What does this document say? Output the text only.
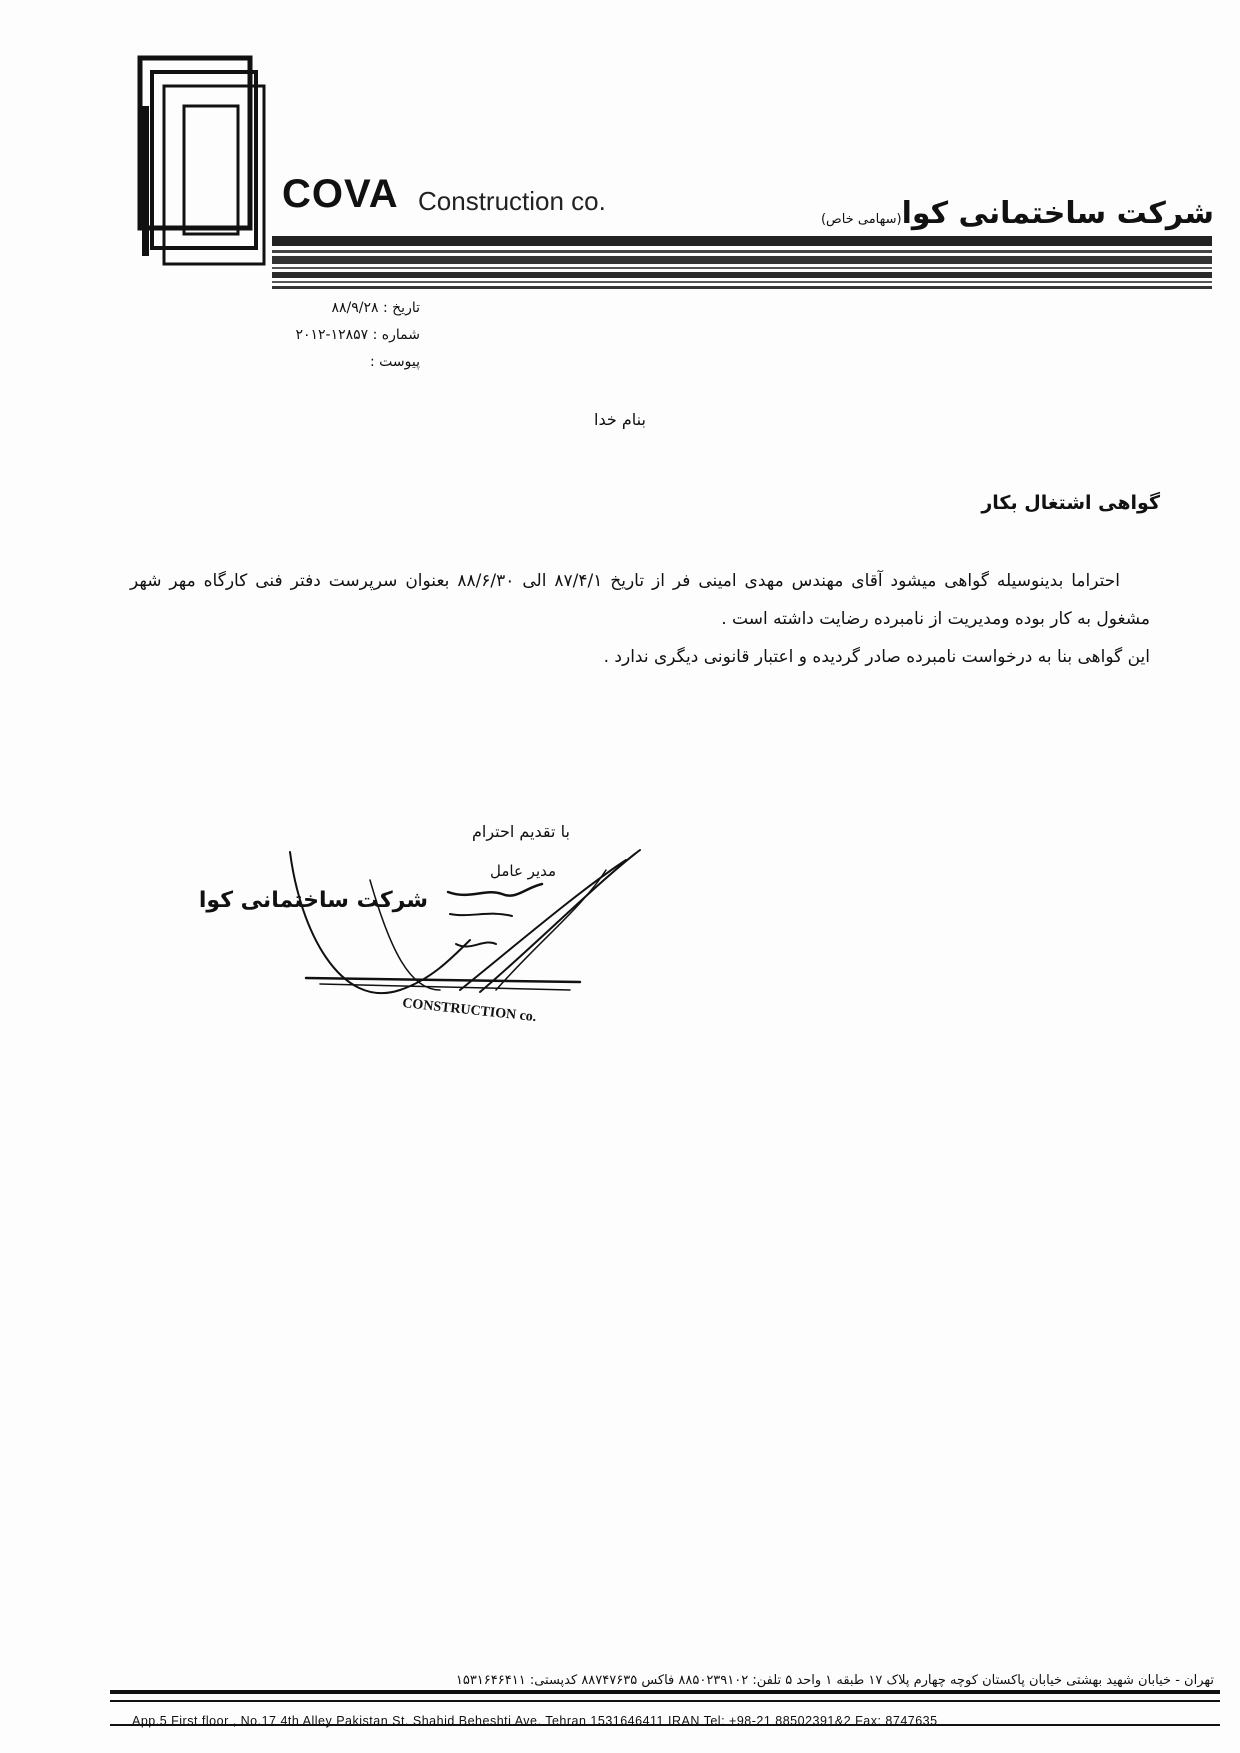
COVA Construction co.	شرکت ساختمانی کوا(سهامی خاص)
تاریخ : ۸۸/۹/۲۸
شماره : ۱۲۸۵۷-۲۰۱۲
پیوست :
بنام خدا
گواهی اشتغال بکار

احتراما بدینوسیله گواهی میشود آقای مهندس مهدی امینی فر از تاریخ ۸۷/۴/۱ الی ۸۸/۶/۳۰ بعنوان سرپرست دفتر فنی کارگاه مهر شهر مشغول به کار بوده ومدیریت از نامبرده رضایت داشته است .

این گواهی بنا به درخواست نامبرده صادر گردیده و اعتبار قانونی دیگری ندارد .

با تقدیم احترام
مدیر عامل
شرکت ساختمانی کوا
CONSTRUCTION co.
تهران - خیابان شهید بهشتی خیابان پاکستان کوچه چهارم پلاک ۱۷ طبقه ۱ واحد ۵ تلفن: ۸۸۵۰۲۳۹۱۰۲ فاکس ۸۸۷۴۷۶۳۵ کدپستی: ۱۵۳۱۶۴۶۴۱۱
App.5 First floor , No.17 4th Alley Pakistan St. Shahid Beheshti Ave. Tehran 1531646411 IRAN Tel: +98-21 88502391&2 Fax: 8747635
